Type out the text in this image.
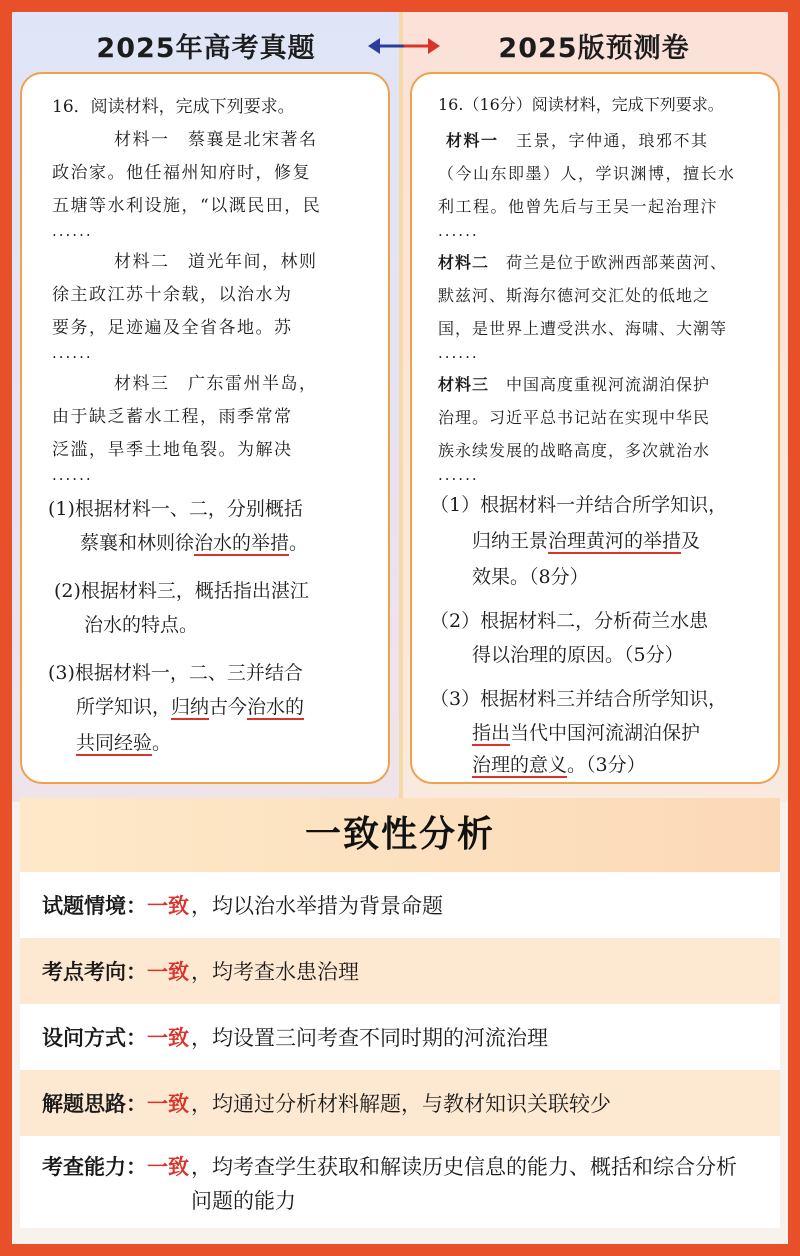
2025年高考真题	2025版预测卷
16．阅读材料，完成下列要求。
材料一　蔡襄是北宋著名
政治家。他任福州知府时，修复
五塘等水利设施，“以溉民田，民
......
材料二　道光年间，林则
徐主政江苏十余载，以治水为
要务，足迹遍及全省各地。苏
......
材料三　广东雷州半岛，
由于缺乏蓄水工程，雨季常常
泛滥，旱季土地龟裂。为解决
......
(1)根据材料一、二，分别概括
蔡襄和林则徐治水的举措。
(2)根据材料三，概括指出湛江
治水的特点。
(3)根据材料一，二、三并结合
所学知识，归纳古今治水的
共同经验。
16.（16分）阅读材料，完成下列要求。
材料一　 王景，字仲通，琅邪不其
（今山东即墨）人，学识渊博，擅长水
利工程。他曾先后与王吴一起治理汴
......
材料二　 荷兰是位于欧洲西部莱茵河、
默兹河、斯海尔德河交汇处的低地之
国，是世界上遭受洪水、海啸、大潮等
......
材料三　 中国高度重视河流湖泊保护
治理。习近平总书记站在实现中华民
族永续发展的战略高度，多次就治水
......
（1）根据材料一并结合所学知识，
归纳王景治理黄河的举措及
效果。（8分）
（2）根据材料二，分析荷兰水患
得以治理的原因。（5分）
（3）根据材料三并结合所学知识，
指出当代中国河流湖泊保护
治理的意义。（3分）
一致性分析
试题情境： 一致 ，均以治水举措为背景命题
考点考向： 一致 ，均考查水患治理
设问方式： 一致 ，均设置三问考查不同时期的河流治理
解题思路： 一致 ，均通过分析材料解题，与教材知识关联较少
考查能力： 一致 ，均考查学生获取和解读历史信息的能力、概括和综合分析问题的能力
